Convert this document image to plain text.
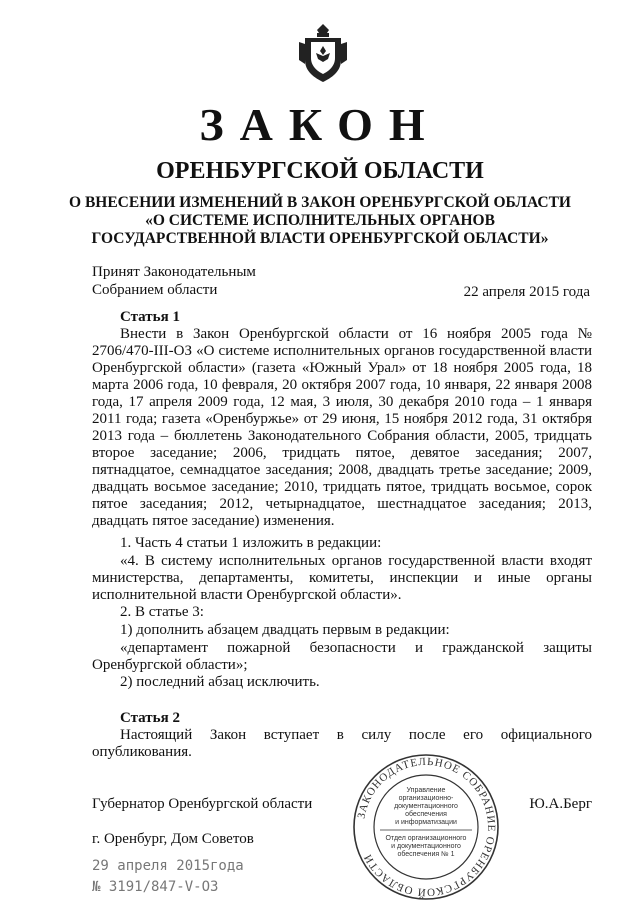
ЗАКОН
ОРЕНБУРГСКОЙ ОБЛАСТИ
О ВНЕСЕНИИ ИЗМЕНЕНИЙ В ЗАКОН ОРЕНБУРГСКОЙ ОБЛАСТИ
«О СИСТЕМЕ ИСПОЛНИТЕЛЬНЫХ ОРГАНОВ
ГОСУДАРСТВЕННОЙ ВЛАСТИ ОРЕНБУРГСКОЙ ОБЛАСТИ»
Принят Законодательным
Собранием области	22 апреля 2015 года
Статья 1
Внести в Закон Оренбургской области от 16 ноября 2005 года № 2706/470-III-ОЗ «О системе исполнительных органов государственной власти Оренбургской области» (газета «Южный Урал» от 18 ноября 2005 года, 18 марта 2006 года, 10 февраля, 20 октября 2007 года, 10 января, 22 января 2008 года, 17 апреля 2009 года, 12 мая, 3 июля, 30 декабря 2010 года – 1 января 2011 года; газета «Оренбуржье» от 29 июня, 15 ноября 2012 года, 31 октября 2013 года – бюллетень Законодательного Собрания области, 2005, тридцать второе заседание; 2006, тридцать пятое, девятое заседания; 2007, пятнадцатое, семнадцатое заседания; 2008, двадцать третье заседание; 2009, двадцать восьмое заседание; 2010, тридцать пятое, тридцать восьмое, сорок пятое заседания; 2012, четырнадцатое, шестнадцатое заседания; 2013, двадцать пятое заседание) изменения.
1. Часть 4 статьи 1 изложить в редакции:
«4. В систему исполнительных органов государственной власти входят министерства, департаменты, комитеты, инспекции и иные органы исполнительной власти Оренбургской области».
2. В статье 3:
1) дополнить абзацем двадцать первым в редакции:
«департамент пожарной безопасности и гражданской защиты Оренбургской области»;
2) последний абзац исключить.
Статья 2
Настоящий Закон вступает в силу после его официального опубликования.
Губернатор Оренбургской области	Ю.А.Берг
г. Оренбург, Дом Советов
29 апреля 2015года
№ 3191/847-V-ОЗ
ЗАКОНОДАТЕЛЬНОЕ СОБРАНИЕ ОРЕНБУРГСКОЙ ОБЛАСТИ
Управление
организационно-
документационного
обеспечения
и информатизации
Отдел организационного
и документационного
обеспечения № 1
